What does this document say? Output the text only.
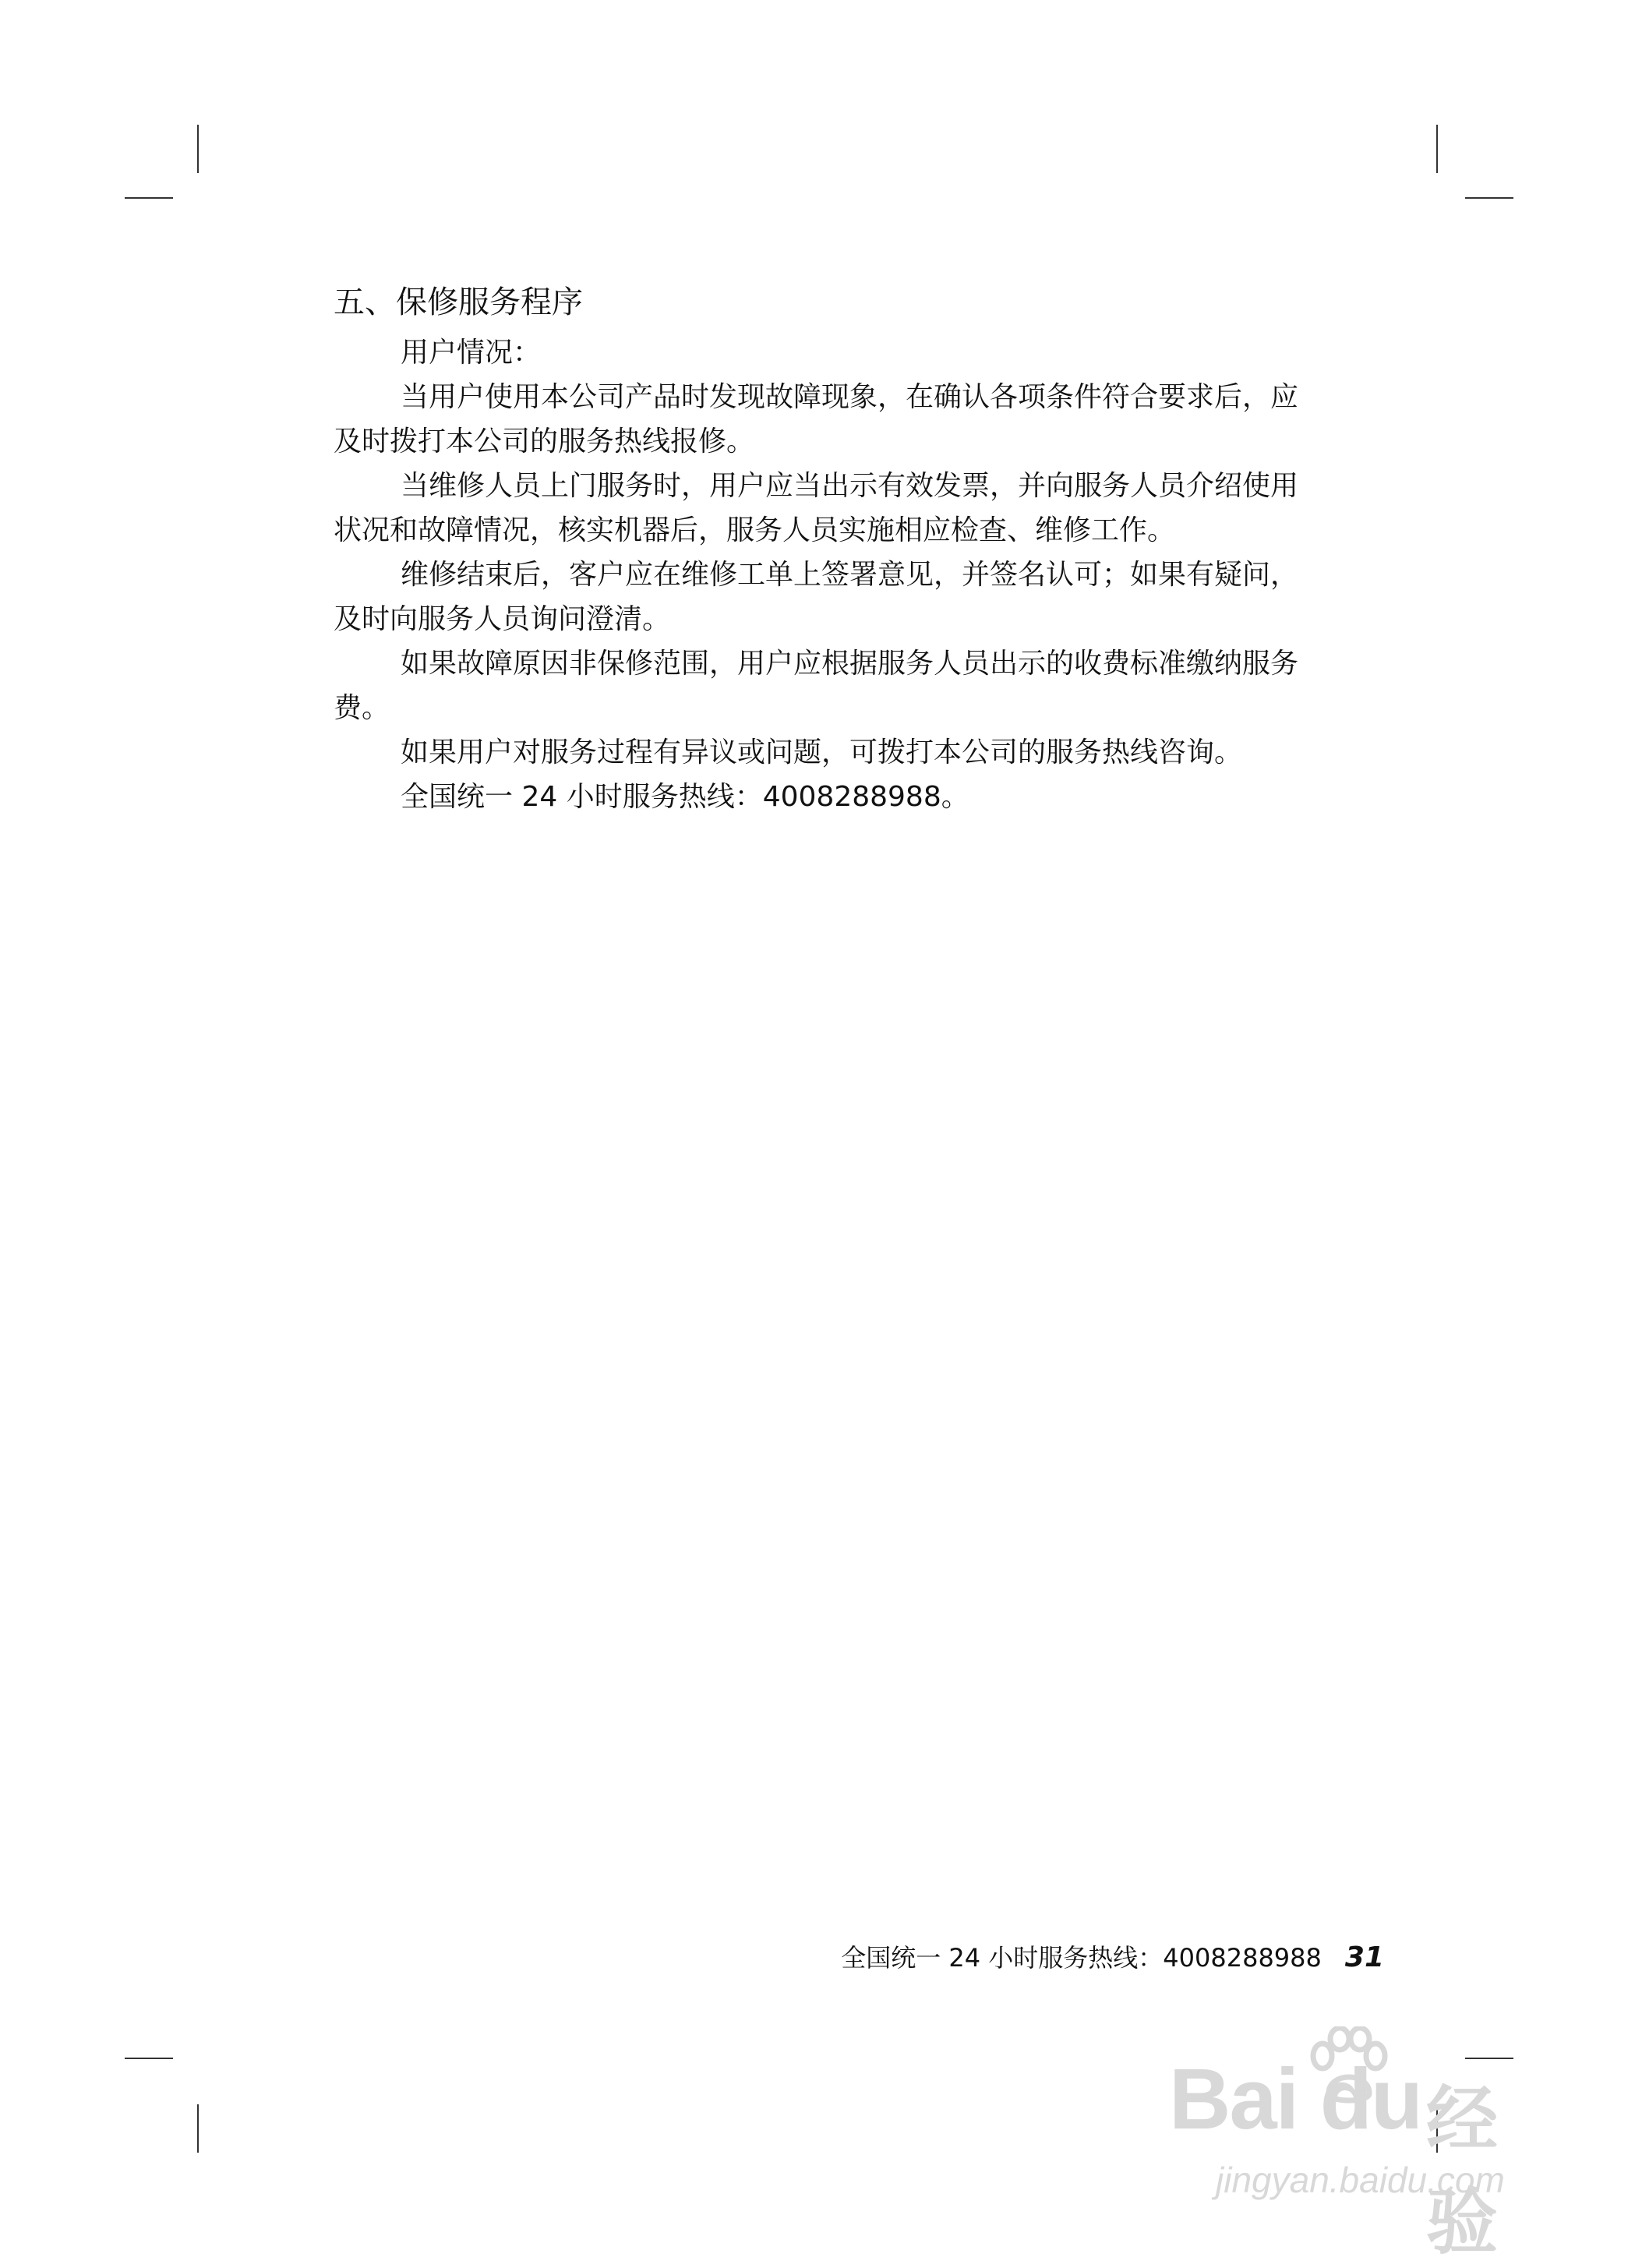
五、保修服务程序

用户情况：

当用户使用本公司产品时发现故障现象，在确认各项条件符合要求后，应及时拨打本公司的服务热线报修。

当维修人员上门服务时，用户应当出示有效发票，并向服务人员介绍使用状况和故障情况，核实机器后，服务人员实施相应检查、维修工作。

维修结束后，客户应在维修工单上签署意见，并签名认可；如果有疑问，及时向服务人员询问澄清。

如果故障原因非保修范围，用户应根据服务人员出示的收费标准缴纳服务费。

如果用户对服务过程有异议或问题，可拨打本公司的服务热线咨询。

全国统一 24 小时服务热线：4008288988。

全国统一 24 小时服务热线：4008288988 31
Bai du 经验
jingyan.baidu.com
